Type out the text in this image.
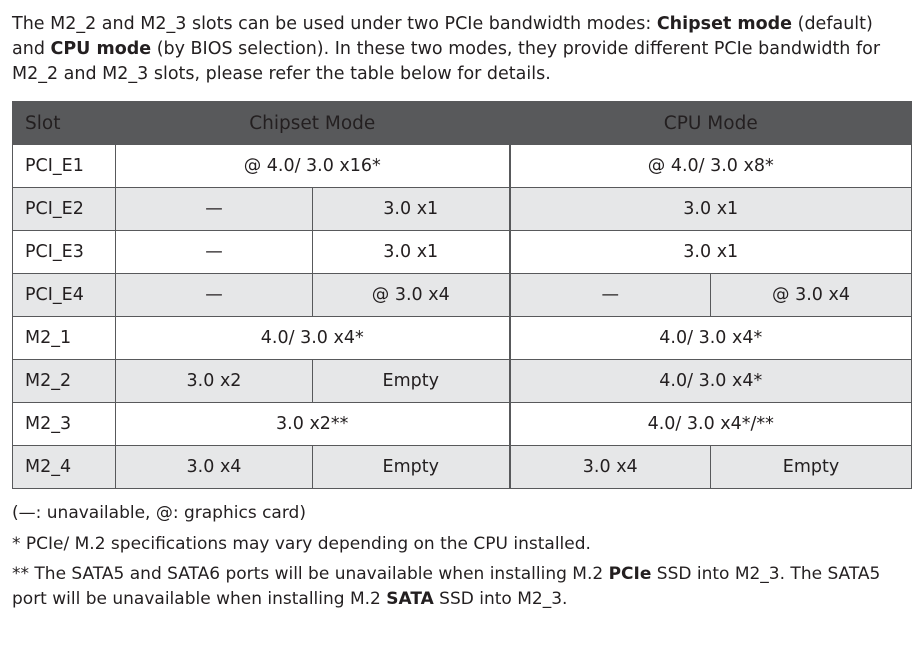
The M2_2 and M2_3 slots can be used under two PCIe bandwidth modes: Chipset mode (default) and CPU mode (by BIOS selection). In these two modes, they provide different PCIe bandwidth for M2_2 and M2_3 slots, please refer the table below for details.

Slot	Chipset Mode		CPU Mode	
PCI_E1	@ 4.0/ 3.0 x16*		@ 4.0/ 3.0 x8*	
PCI_E2	—	3.0 x1	3.0 x1	
PCI_E3	—	3.0 x1	3.0 x1	
PCI_E4	—	@ 3.0 x4	—	@ 3.0 x4
M2_1	4.0/ 3.0 x4*		4.0/ 3.0 x4*	
M2_2	3.0 x2	Empty	4.0/ 3.0 x4*	
M2_3	3.0 x2**		4.0/ 3.0 x4*/**	
M2_4	3.0 x4	Empty	3.0 x4	Empty
(—: unavailable, @: graphics card)
* PCIe/ M.2 specifications may vary depending on the CPU installed.
** The SATA5 and SATA6 ports will be unavailable when installing M.2 PCIe SSD into M2_3. The SATA5 port will be unavailable when installing M.2 SATA SSD into M2_3.
